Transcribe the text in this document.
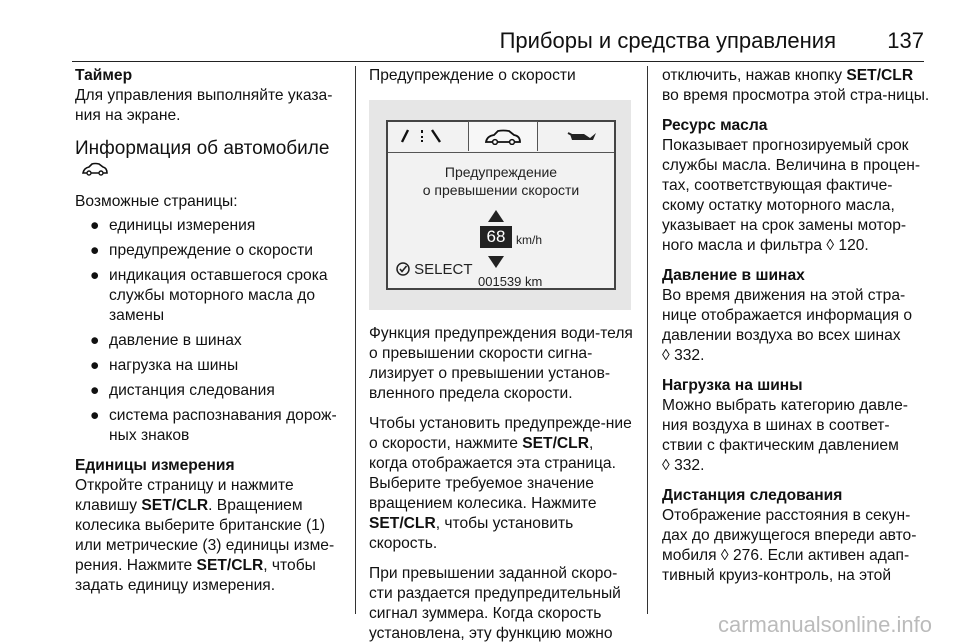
Приборы и средства управления 137

Таймер

Для управления выполняйте указа-ния на экране.

Информация об автомобиле

Возможные страницы:

● единицы измерения
● предупреждение о скорости
● индикация оставшегося срока службы моторного масла до замены
● давление в шинах
● нагрузка на шины
● дистанция следования
● система распознавания дорож-ных знаков

Единицы измерения

Откройте страницу и нажмите клавишу SET/CLR. Вращением колесика выберите британские (1) или метрические (3) единицы изме-рения. Нажмите SET/CLR, чтобы задать единицу измерения.

Предупреждение о скорости

Предупреждение
о превышении скорости
68 km/h
SELECT
001539 km

Функция предупреждения води-теля о превышении скорости сигна-лизирует о превышении установ-вленного предела скорости.

Чтобы установить предупрежде-ние о скорости, нажмите SET/CLR, когда отображается эта страница. Выберите требуемое значение вращением колесика. Нажмите SET/CLR, чтобы установить скорость.

При превышении заданной скоро-сти раздается предупредительный сигнал зуммера. Когда скорость установлена, эту функцию можно

отключить, нажав кнопку SET/CLR во время просмотра этой стра-ницы.

Ресурс масла

Показывает прогнозируемый срок службы масла. Величина в процен-тах, соответствующая фактиче-скому остатку моторного масла, указывает на срок замены мотор-ного масла и фильтра ◊ 120.

Давление в шинах

Во время движения на этой стра-нице отображается информация о давлении воздуха во всех шинах
◊ 332.

Нагрузка на шины

Можно выбрать категорию давле-ния воздуха в шинах в соответ-ствии с фактическим давлением
◊ 332.

Дистанция следования

Отображение расстояния в секун-дах до движущегося впереди авто-мобиля ◊ 276. Если активен адап-тивный круиз-контроль, на этой

carmanualsonline.info
